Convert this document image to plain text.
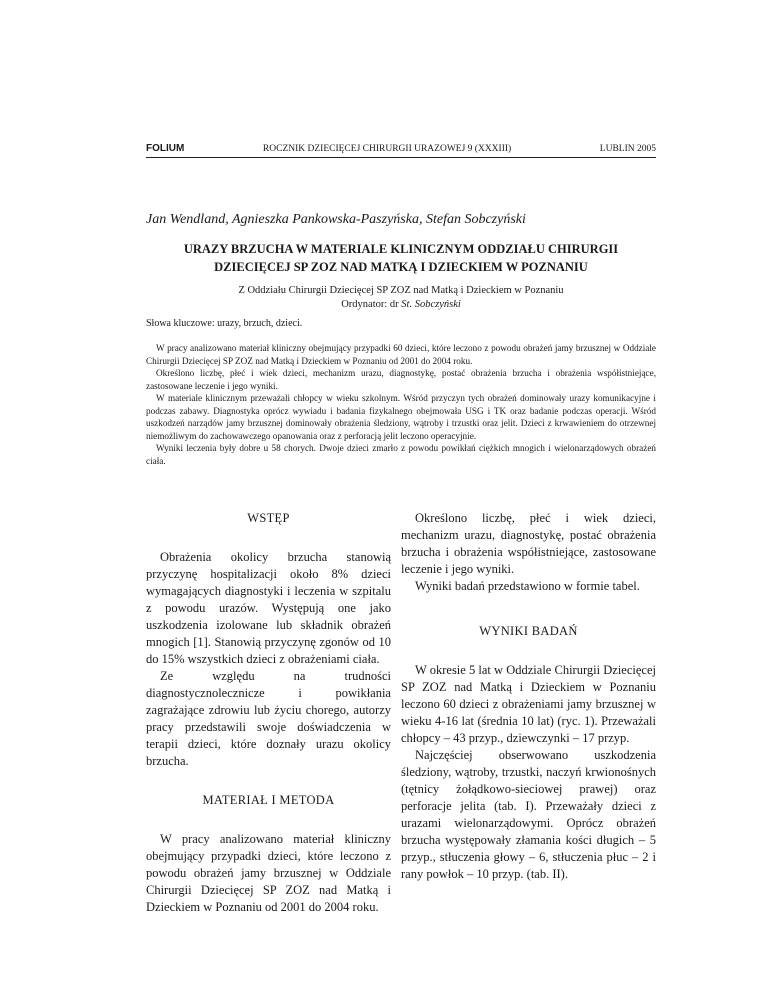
FOLIUM	ROCZNIK DZIECIĘCEJ CHIRURGII URAZOWEJ 9 (XXXIII)	LUBLIN 2005
Jan Wendland, Agnieszka Pankowska-Paszyńska, Stefan Sobczyński
URAZY BRZUCHA W MATERIALE KLINICZNYM ODDZIAŁU CHIRURGII
DZIECIĘCEJ SP ZOZ NAD MATKĄ I DZIECKIEM W POZNANIU
Z Oddziału Chirurgii Dziecięcej SP ZOZ nad Matką i Dzieckiem w Poznaniu
Ordynator: dr St. Sobczyński
Słowa kluczowe: urazy, brzuch, dzieci.

W pracy analizowano materiał kliniczny obejmujący przypadki 60 dzieci, które leczono z powodu obrażeń jamy brzusznej w Oddziale Chirurgii Dziecięcej SP ZOZ nad Matką i Dzieckiem w Poznaniu od 2001 do 2004 roku.

Określono liczbę, płeć i wiek dzieci, mechanizm urazu, diagnostykę, postać obrażenia brzucha i obrażenia współistniejące, zastosowane leczenie i jego wyniki.

W materiale klinicznym przeważali chłopcy w wieku szkolnym. Wśród przyczyn tych obrażeń dominowały urazy komunikacyjne i podczas zabawy. Diagnostyka oprócz wywiadu i badania fizykalnego obejmowała USG i TK oraz badanie podczas operacji. Wśród uszkodzeń narządów jamy brzusznej dominowały obrażenia śledziony, wątroby i trzustki oraz jelit. Dzieci z krwawieniem do otrzewnej niemożliwym do zachowawczego opanowania oraz z perforacją jelit leczono operacyjnie.

Wyniki leczenia były dobre u 58 chorych. Dwoje dzieci zmarło z powodu powikłań ciężkich mnogich i wielonarządowych obrażeń ciała.

WSTĘP

Obrażenia okolicy brzucha stanowią przyczynę hospitalizacji około 8% dzieci wymagających diagnostyki i leczenia w szpitalu z powodu urazów. Występują one jako uszkodzenia izolowane lub składnik obrażeń mnogich [1]. Stanowią przyczynę zgonów od 10 do 15% wszystkich dzieci z obrażeniami ciała.

Ze względu na trudności diagnostycznolecznicze i powikłania zagrażające zdrowiu lub życiu chorego, autorzy pracy przedstawili swoje doświadczenia w terapii dzieci, które doznały urazu okolicy brzucha.

MATERIAŁ I METODA

W pracy analizowano materiał kliniczny obejmujący przypadki dzieci, które leczono z powodu obrażeń jamy brzusznej w Oddziale Chirurgii Dziecięcej SP ZOZ nad Matką i Dzieckiem w Poznaniu od 2001 do 2004 roku.

Określono liczbę, płeć i wiek dzieci, mechanizm urazu, diagnostykę, postać obrażenia brzucha i obrażenia współistniejące, zastosowane leczenie i jego wyniki.

Wyniki badań przedstawiono w formie tabel.

WYNIKI BADAŃ

W okresie 5 lat w Oddziale Chirurgii Dziecięcej SP ZOZ nad Matką i Dzieckiem w Poznaniu leczono 60 dzieci z obrażeniami jamy brzusznej w wieku 4-16 lat (średnia 10 lat) (ryc. 1). Przeważali chłopcy – 43 przyp., dziewczynki – 17 przyp.

Najczęściej obserwowano uszkodzenia śledziony, wątroby, trzustki, naczyń krwionośnych (tętnicy żołądkowo-sieciowej prawej) oraz perforacje jelita (tab. I). Przeważały dzieci z urazami wielonarządowymi. Oprócz obrażeń brzucha występowały złamania kości długich – 5 przyp., stłuczenia głowy – 6, stłuczenia płuc – 2 i rany powłok – 10 przyp. (tab. II).
